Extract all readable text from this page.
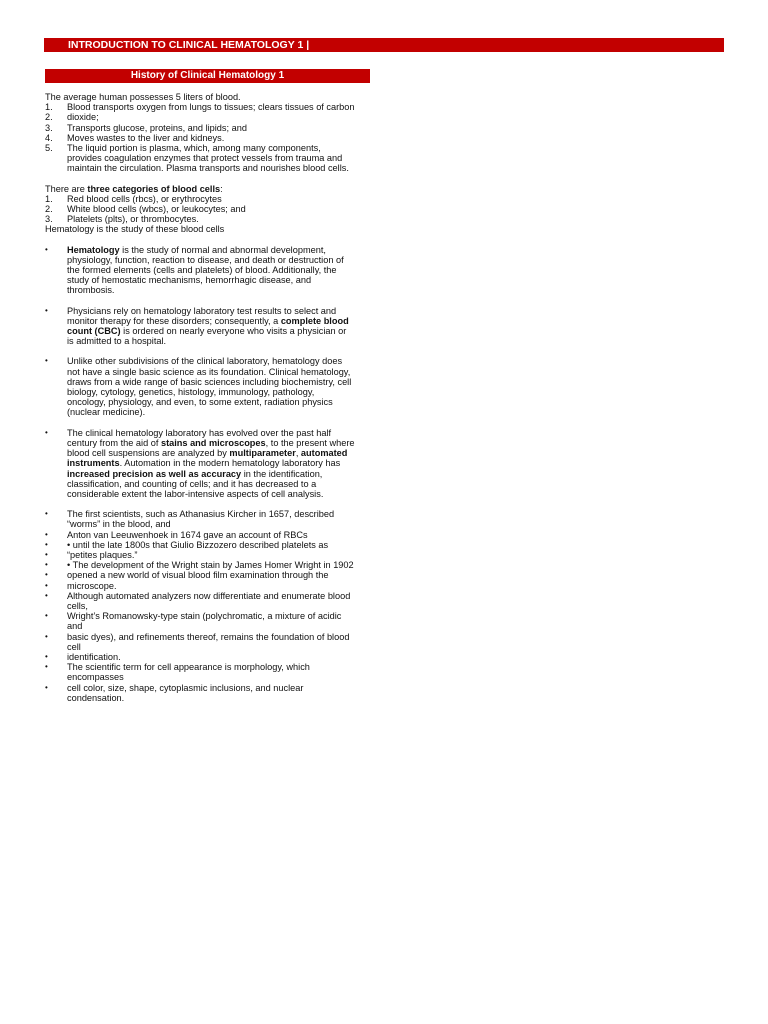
INTRODUCTION TO CLINICAL HEMATOLOGY 1 |
History of Clinical Hematology 1

The average human possesses 5 liters of blood.

1.	Blood transports oxygen from lungs to tissues; clears tissues of carbon
2.	dioxide;
3.	Transports glucose, proteins, and lipids; and
4.	Moves wastes to the liver and kidneys.
5.	The liquid portion is plasma, which, among many components, provides coagulation enzymes that protect vessels from trauma and maintain the circulation. Plasma transports and nourishes blood cells.

There are three categories of blood cells:

1.	Red blood cells (rbcs), or erythrocytes
2.	White blood cells (wbcs), or leukocytes; and
3.	Platelets (plts), or thrombocytes.

Hematology is the study of these blood cells

•	Hematology is the study of normal and abnormal development, physiology, function, reaction to disease, and death or destruction of the formed elements (cells and platelets) of blood. Additionally, the study of hemostatic mechanisms, hemorrhagic disease, and thrombosis.
•	Physicians rely on hematology laboratory test results to select and monitor therapy for these disorders; consequently, a complete blood count (CBC) is ordered on nearly everyone who visits a physician or is admitted to a hospital.
•	Unlike other subdivisions of the clinical laboratory, hematology does not have a single basic science as its foundation. Clinical hematology, draws from a wide range of basic sciences including biochemistry, cell biology, cytology, genetics, histology, immunology, pathology, oncology, physiology, and even, to some extent, radiation physics (nuclear medicine).
•	The clinical hematology laboratory has evolved over the past half century from the aid of stains and microscopes, to the present where blood cell suspensions are analyzed by multiparameter, automated instruments. Automation in the modern hematology laboratory has increased precision as well as accuracy in the identification, classification, and counting of cells; and it has decreased to a considerable extent the labor-intensive aspects of cell analysis.
•	The first scientists, such as Athanasius Kircher in 1657, described “worms” in the blood, and
•	Anton van Leeuwenhoek in 1674 gave an account of RBCs
•	• until the late 1800s that Giulio Bizzozero described platelets as
•	“petites plaques.”
•	• The development of the Wright stain by James Homer Wright in 1902
•	opened a new world of visual blood film examination through the
•	microscope.
•	Although automated analyzers now differentiate and enumerate blood cells,
•	Wright’s Romanowsky-type stain (polychromatic, a mixture of acidic and
•	basic dyes), and refinements thereof, remains the foundation of blood cell
•	identification.
•	The scientific term for cell appearance is morphology, which encompasses
•	cell color, size, shape, cytoplasmic inclusions, and nuclear condensation.
